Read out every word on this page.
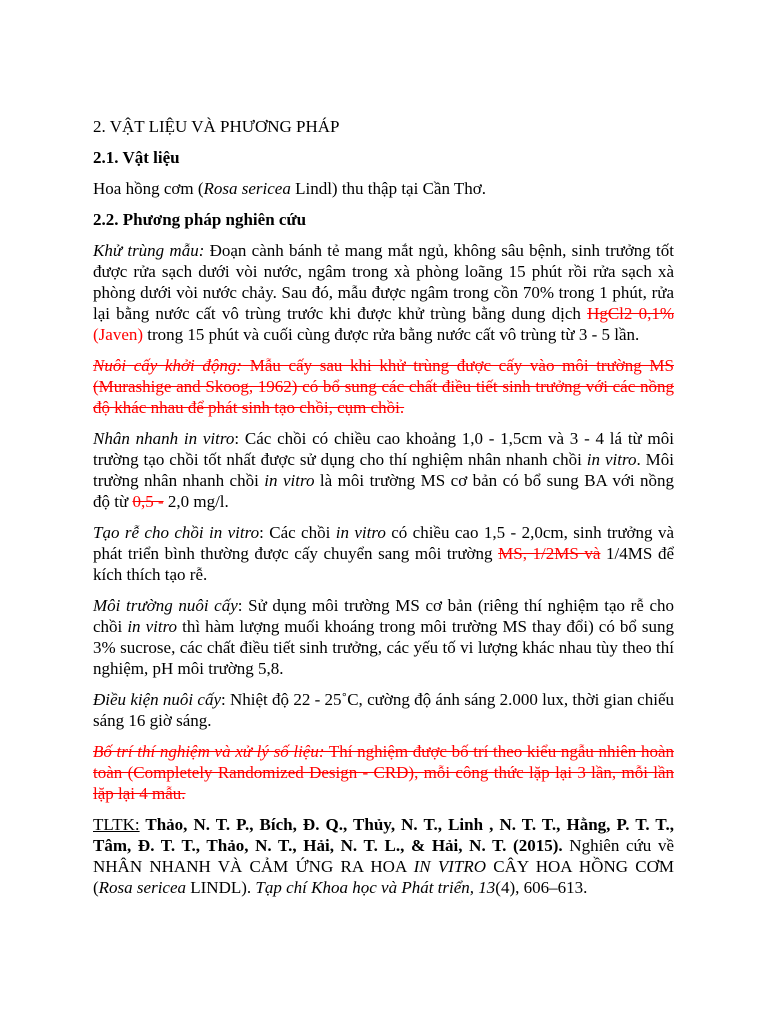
2. VẬT LIỆU VÀ PHƯƠNG PHÁP

2.1. Vật liệu

Hoa hồng cơm (Rosa sericea Lindl) thu thập tại Cần Thơ.

2.2. Phương pháp nghiên cứu

Khử trùng mẫu: Đoạn cành bánh tẻ mang mắt ngủ, không sâu bệnh, sinh trưởng tốt được rửa sạch dưới vòi nước, ngâm trong xà phòng loãng 15 phút rồi rửa sạch xà phòng dưới vòi nước chảy. Sau đó, mẫu được ngâm trong cồn 70% trong 1 phút, rửa lại bằng nước cất vô trùng trước khi được khử trùng bằng dung dịch HgCl2 0,1% (Javen) trong 15 phút và cuối cùng được rửa bằng nước cất vô trùng từ 3 - 5 lần.

Nuôi cấy khởi động: Mẫu cấy sau khi khử trùng được cấy vào môi trường MS (Murashige and Skoog, 1962) có bổ sung các chất điều tiết sinh trưởng với các nồng độ khác nhau để phát sinh tạo chồi, cụm chồi.

Nhân nhanh in vitro: Các chồi có chiều cao khoảng 1,0 - 1,5cm và 3 - 4 lá từ môi trường tạo chồi tốt nhất được sử dụng cho thí nghiệm nhân nhanh chồi in vitro. Môi trường nhân nhanh chồi in vitro là môi trường MS cơ bản có bổ sung BA với nồng độ từ 0,5 - 2,0 mg/l.

Tạo rễ cho chồi in vitro: Các chồi in vitro có chiều cao 1,5 - 2,0cm, sinh trưởng và phát triển bình thường được cấy chuyển sang môi trường MS, 1/2MS và 1/4MS để kích thích tạo rễ.

Môi trường nuôi cấy: Sử dụng môi trường MS cơ bản (riêng thí nghiệm tạo rễ cho chồi in vitro thì hàm lượng muối khoáng trong môi trường MS thay đổi) có bổ sung 3% sucrose, các chất điều tiết sinh trưởng, các yếu tố vi lượng khác nhau tùy theo thí nghiệm, pH môi trường 5,8.

Điều kiện nuôi cấy: Nhiệt độ 22 - 25˚C, cường độ ánh sáng 2.000 lux, thời gian chiếu sáng 16 giờ sáng.

Bố trí thí nghiệm và xử lý số liệu: Thí nghiệm được bố trí theo kiểu ngẫu nhiên hoàn toàn (Completely Randomized Design - CRD), mỗi công thức lặp lại 3 lần, mỗi lần lặp lại 4 mẫu.

TLTK: Thảo, N. T. P., Bích, Đ. Q., Thủy, N. T., Linh , N. T. T., Hằng, P. T. T., Tâm, Đ. T. T., Thảo, N. T., Hải, N. T. L., & Hải, N. T. (2015). Nghiên cứu về NHÂN NHANH VÀ CẢM ỨNG RA HOA IN VITRO CÂY HOA HỒNG CƠM (Rosa sericea LINDL). Tạp chí Khoa học và Phát triển, 13(4), 606–613.
